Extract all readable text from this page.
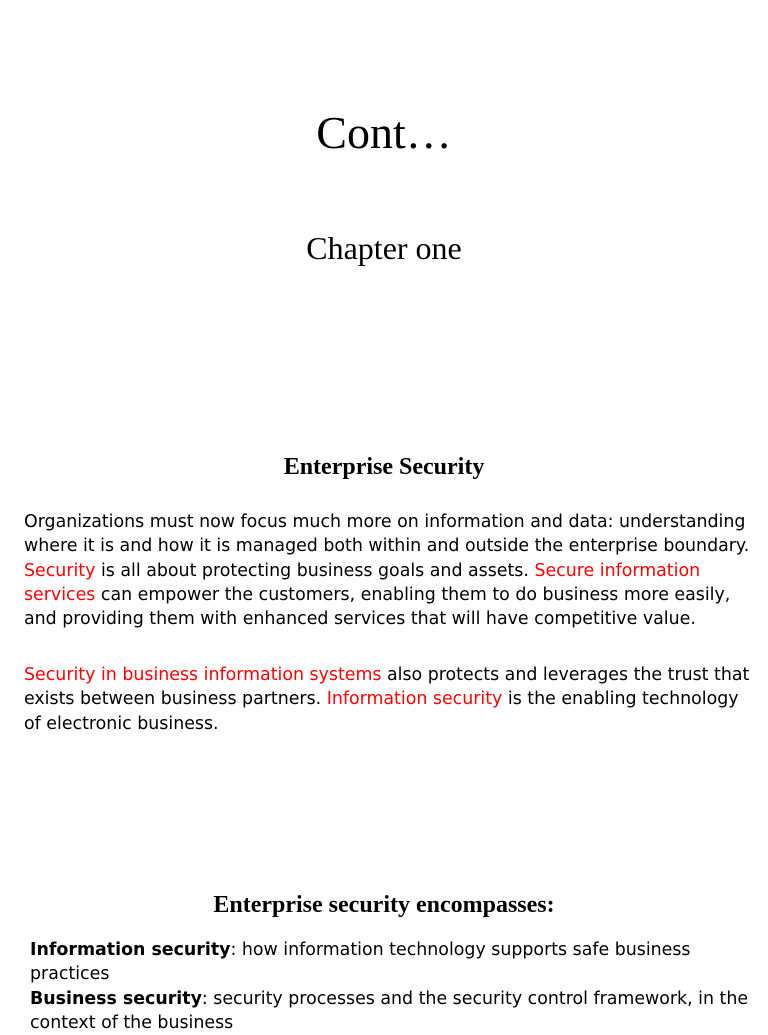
Cont…
Chapter one
Enterprise Security
Organizations must now focus much more on information and data: understanding where it is and how it is managed both within and outside the enterprise boundary. Security is all about protecting business goals and assets. Secure information services can empower the customers, enabling them to do business more easily, and providing them with enhanced services that will have competitive value.
Security in business information systems also protects and leverages the trust that exists between business partners. Information security is the enabling technology of electronic business.
Enterprise security encompasses:

Information security: how information technology supports safe business practices

Business security: security processes and the security control framework, in the context of the business
